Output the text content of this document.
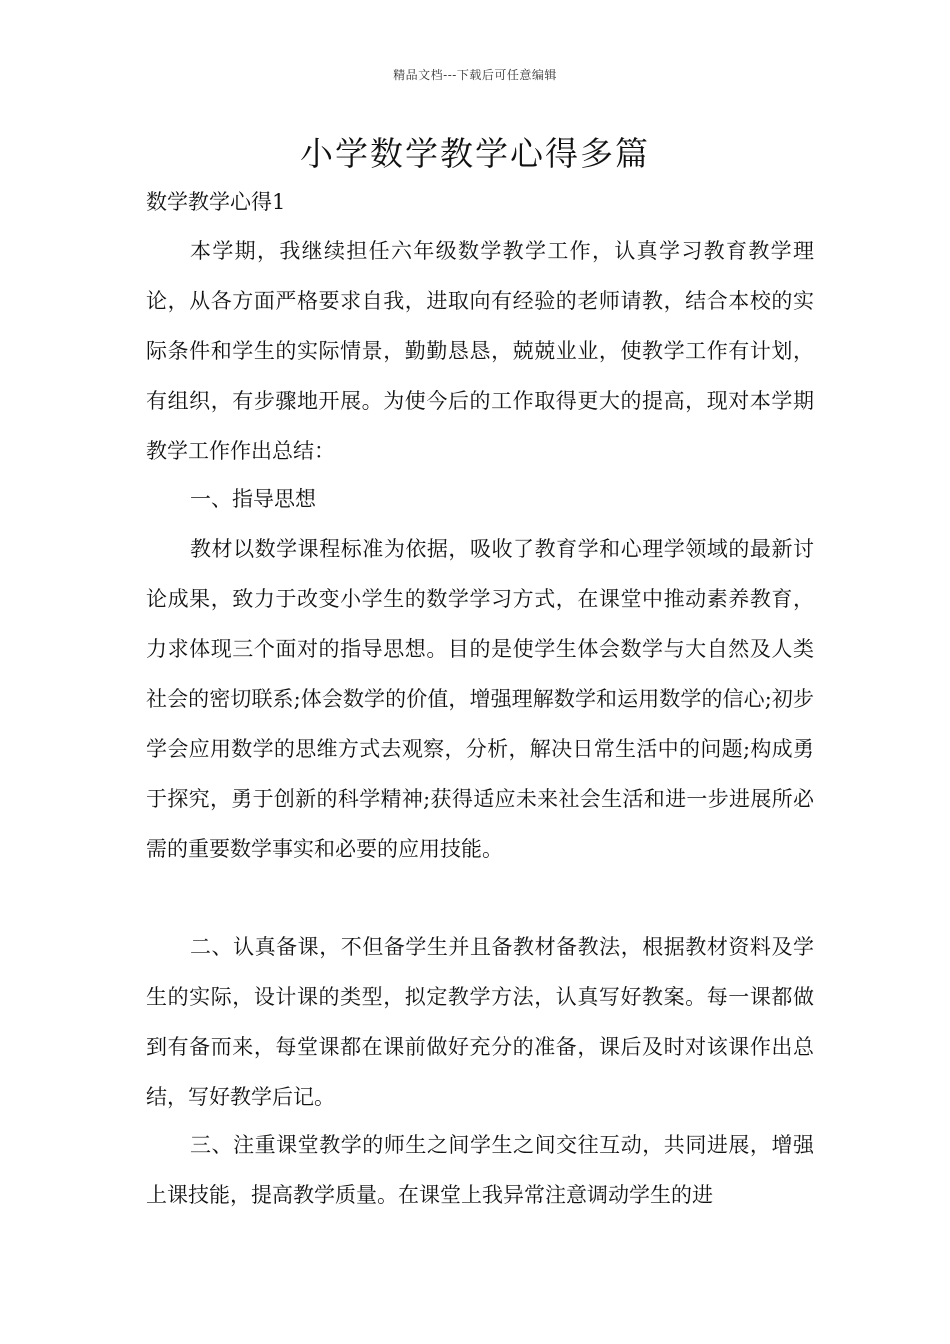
精品文档---下载后可任意编辑
小学数学教学心得多篇
数学教学心得1

本学期，我继续担任六年级数学教学工作，认真学习教育教学理论，从各方面严格要求自我，进取向有经验的老师请教，结合本校的实际条件和学生的实际情景，勤勤恳恳，兢兢业业，使教学工作有计划，有组织，有步骤地开展。为使今后的工作取得更大的提高，现对本学期教学工作作出总结：

一、指导思想

教材以数学课程标准为依据，吸收了教育学和心理学领域的最新讨论成果，致力于改变小学生的数学学习方式，在课堂中推动素养教育，力求体现三个面对的指导思想。目的是使学生体会数学与大自然及人类社会的密切联系;体会数学的价值，增强理解数学和运用数学的信心;初步学会应用数学的思维方式去观察，分析，解决日常生活中的问题;构成勇于探究，勇于创新的科学精神;获得适应未来社会生活和进一步进展所必需的重要数学事实和必要的应用技能。

二、认真备课，不但备学生并且备教材备教法，根据教材资料及学生的实际，设计课的类型，拟定教学方法，认真写好教案。每一课都做到有备而来，每堂课都在课前做好充分的准备，课后及时对该课作出总结，写好教学后记。

三、注重课堂教学的师生之间学生之间交往互动，共同进展，增强上课技能，提高教学质量。在课堂上我异常注意调动学生的进
